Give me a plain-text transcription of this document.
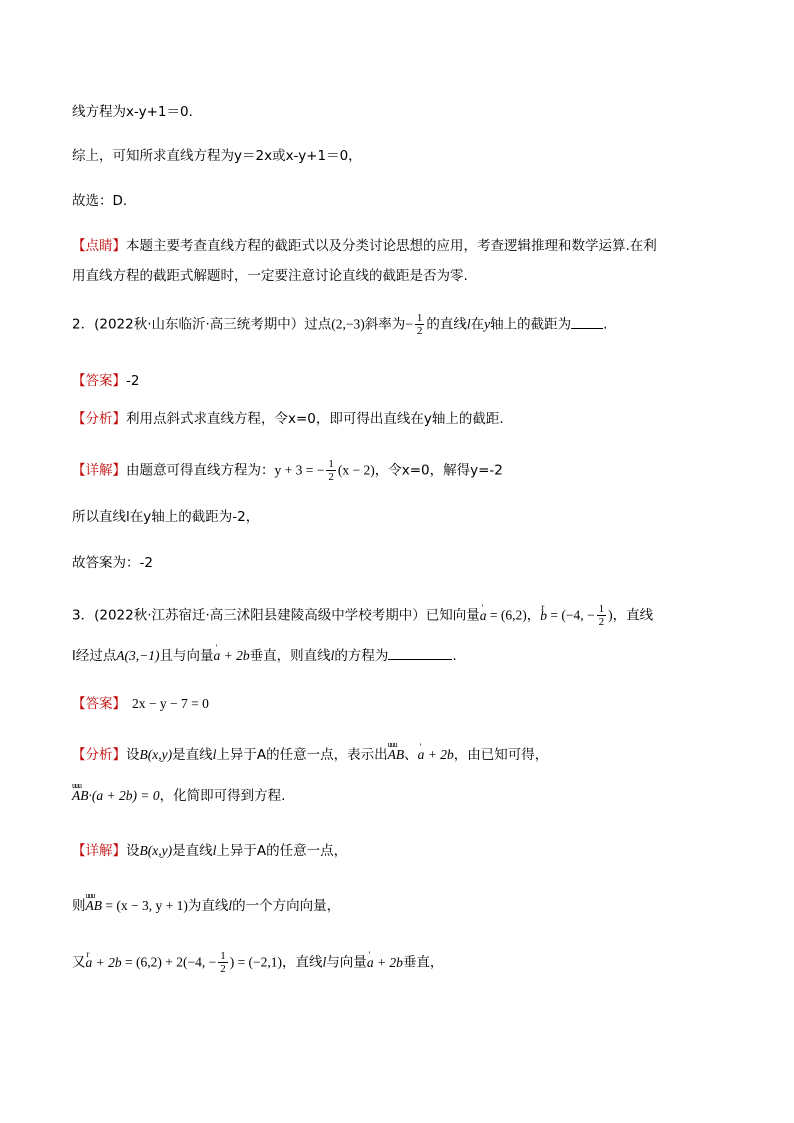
线方程为x-y+1＝0.
综上，可知所求直线方程为y＝2x或x-y+1＝0，
故选：D.
【点睛】本题主要考查直线方程的截距式以及分类讨论思想的应用，考查逻辑推理和数学运算.在利
用直线方程的截距式解题时，一定要注意讨论直线的截距是否为零.
2．(2022秋·山东临沂·高三统考期中）过点(2,−3)斜率为− $\frac{1}{2}$ 的直线l在y轴上的截距为 .
【答案】-2
【分析】利用点斜式求直线方程，令x=0，即可得出直线在y轴上的截距.
【详解】由题意可得直线方程为：y + 3 = − $\frac{1}{2} (x - 2)$，令x=0，解得y=-2
所以直线l在y轴上的截距为-2，
故答案为：-2
3．(2022秋·江苏宿迁·高三沭阳县建陵高级中学校考期中）已知向量' a = (6,2)，r b = (−4, − $\frac{1}{2}$ )，直线
l经过点A(3,−1)且与向量' a + 2b垂直，则直线l的方程为	.
【答案】 2x − y − 7 = 0
【分析】设B(x,y)是直线l上异于A的任意一点，表示出uuu AB、' a + 2b，由已知可得，
uuu AB·(a + 2b) = 0，化简即可得到方程.
【详解】设B(x,y)是直线l上异于A的任意一点，
则uuu AB = (x − 3, y + 1)为直线l的一个方向向量，
又r a + 2b = (6,2) + 2(−4, − $\frac{1}{2}$ ) = (−2,1)，直线l与向量' a + 2b垂直，
